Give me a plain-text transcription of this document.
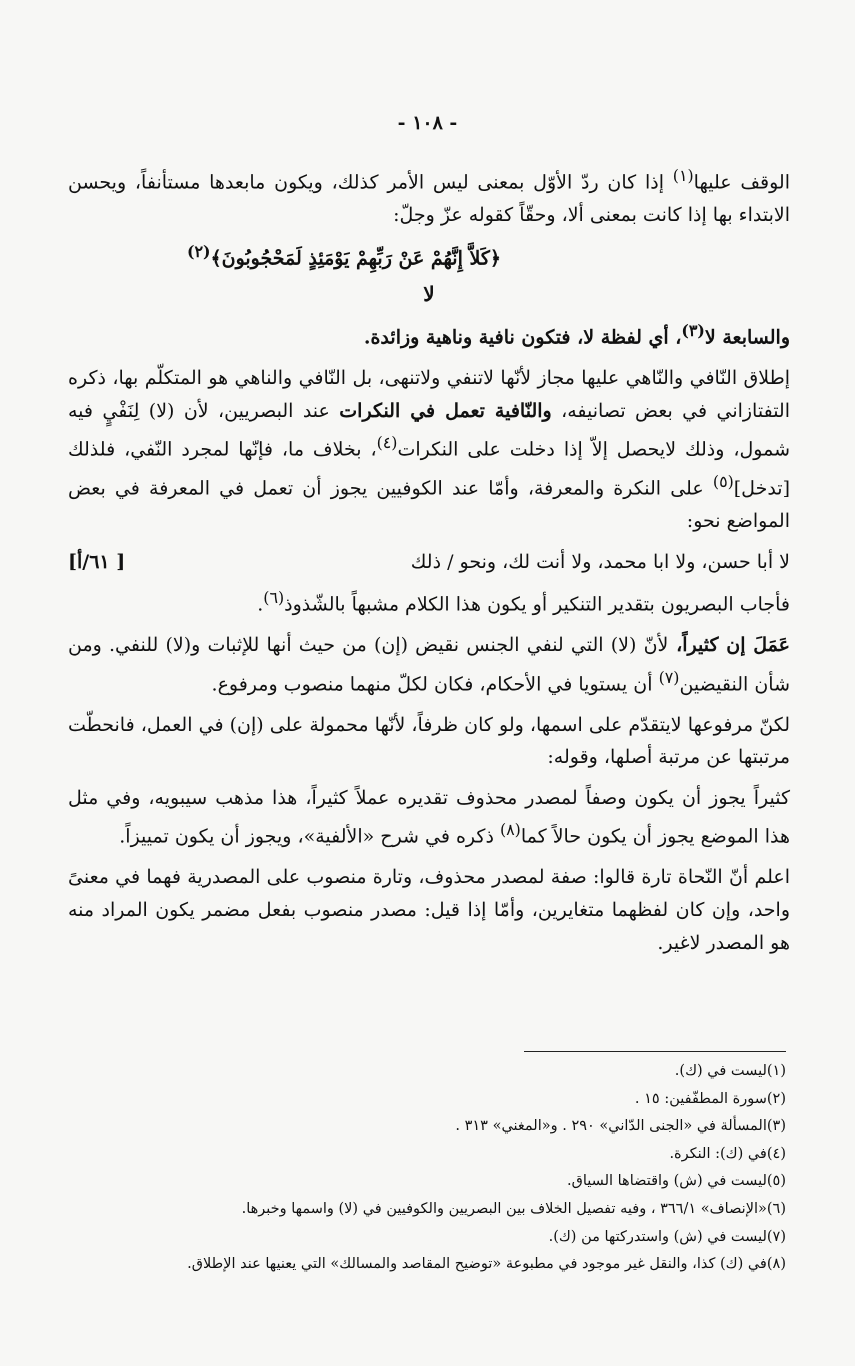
- ١٠٨ -

الوقف عليها$^{(١)}$ إذا كان ردّ الأوّل بمعنى ليس الأمر كذلك، ويكون مابعدها مستأنفاً، ويحسن الابتداء بها إذا كانت بمعنى ألا، وحقّاً كقوله عزّ وجلّ:

﴿كَلاَّ إِنَّهُمْ عَنْ رَبِّهِمْ يَوْمَئِذٍ لَمَحْجُوبُونَ﴾$^{(٢)}$

لا

والسابعة لا$^{(٣)}$، أي لفظة لا، فتكون نافية وناهية وزائدة.

إطلاق النّافي والنّاهي عليها مجاز لأنّها لاتنفي ولاتنهى، بل النّافي والناهي هو المتكلّم بها، ذكره التفتازاني في بعض تصانيفه، والنّافية تعمل في النكرات عند البصريين، لأن (لا) لِنَفْيٍ فيه شمول، وذلك لايحصل إلاّ إذا دخلت على النكرات$^{(٤)}$، بخلاف ما، فإنّها لمجرد النّفي، فلذلك [تدخل]$^{(٥)}$ على النكرة والمعرفة، وأمّا عند الكوفيين يجوز أن تعمل في المعرفة في بعض المواضع نحو:

لا أبا حسن، ولا ابا محمد، ولا أنت لك، ونحو / ذلك
[ ٦١/أ]

فأجاب البصريون بتقدير التنكير أو يكون هذا الكلام مشبهاً بالشّذوذ$^{(٦)}$.

عَمَلَ إن كثيراً، لأنّ (لا) التي لنفي الجنس نقيض (إن) من حيث أنها للإثبات و(لا) للنفي. ومن شأن النقيضين$^{(٧)}$ أن يستويا في الأحكام، فكان لكلّ منهما منصوب ومرفوع.

لكنّ مرفوعها لايتقدّم على اسمها، ولو كان ظرفاً، لأنّها محمولة على (إن) في العمل، فانحطّت مرتبتها عن مرتبة أصلها، وقوله:

كثيراً يجوز أن يكون وصفاً لمصدر محذوف تقديره عملاً كثيراً، هذا مذهب سيبويه، وفي مثل هذا الموضع يجوز أن يكون حالاً كما$^{(٨)}$ ذكره في شرح «الألفية»، ويجوز أن يكون تمييزاً.

اعلم أنّ النّحاة تارة قالوا: صفة لمصدر محذوف، وتارة منصوب على المصدرية فهما في معنىً واحد، وإن كان لفظهما متغايرين، وأمّا إذا قيل: مصدر منصوب بفعل مضمر يكون المراد منه هو المصدر لاغير.

(١)ليست في (ك).

(٢)سورة المطفّفين: ١٥ .

(٣)المسألة في «الجنى الدّاني» ٢٩٠ . و«المغني» ٣١٣ .

(٤)في (ك): النكرة.

(٥)ليست في (ش) واقتضاها السياق.

(٦)«الإنصاف» ٣٦٦/١ ، وفيه تفصيل الخلاف بين البصريين والكوفيين في (لا) واسمها وخبرها.

(٧)ليست في (ش) واستدركتها من (ك).

(٨)في (ك) كذا، والنقل غير موجود في مطبوعة «توضيح المقاصد والمسالك» التي يعنيها عند الإطلاق.
